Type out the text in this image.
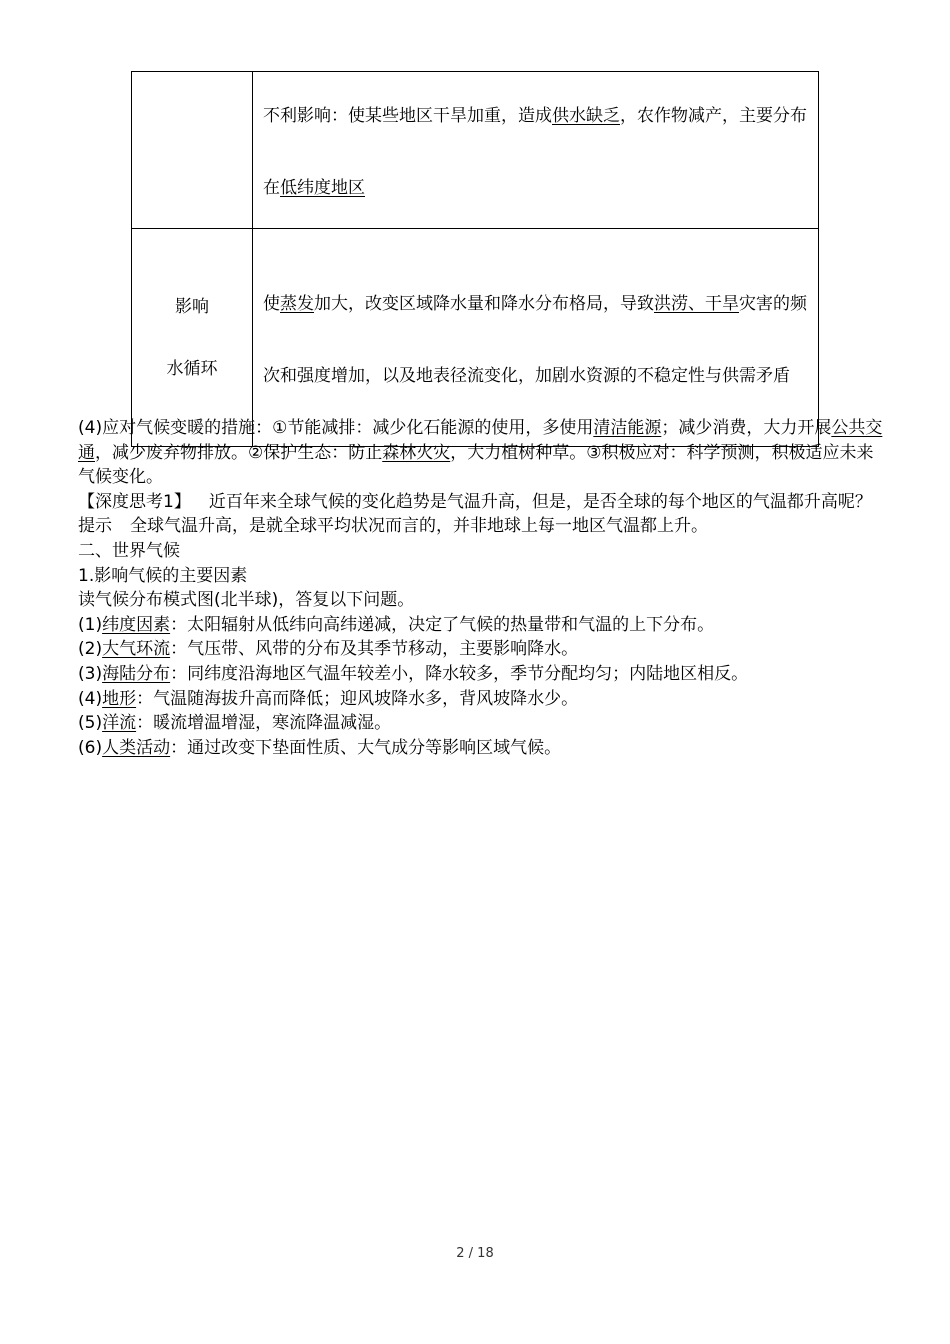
	不利影响：使某些地区干旱加重，造成供水缺乏，农作物减产，主要分布在低纬度地区

影响
水循环	使蒸发加大，改变区域降水量和降水分布格局，导致洪涝、干旱灾害的频次和强度增加，以及地表径流变化，加剧水资源的不稳定性与供需矛盾

(4)应对气候变暖的措施：①节能减排：减少化石能源的使用，多使用清洁能源；减少消费，大力开展公共交通，减少废弃物排放。②保护生态：防止森林火灾，大力植树种草。③积极应对：科学预测，积极适应未来气候变化。

【深度思考1】 近百年来全球气候的变化趋势是气温升高，但是，是否全球的每个地区的气温都升高呢？

提示 全球气温升高，是就全球平均状况而言的，并非地球上每一地区气温都上升。

二、世界气候

1.影响气候的主要因素

读气候分布模式图(北半球)，答复以下问题。

(1)纬度因素：太阳辐射从低纬向高纬递减，决定了气候的热量带和气温的上下分布。

(2)大气环流：气压带、风带的分布及其季节移动，主要影响降水。

(3)海陆分布：同纬度沿海地区气温年较差小，降水较多，季节分配均匀；内陆地区相反。

(4)地形：气温随海拔升高而降低；迎风坡降水多，背风坡降水少。

(5)洋流：暖流增温增湿，寒流降温减湿。

(6)人类活动：通过改变下垫面性质、大气成分等影响区域气候。

2 / 18
